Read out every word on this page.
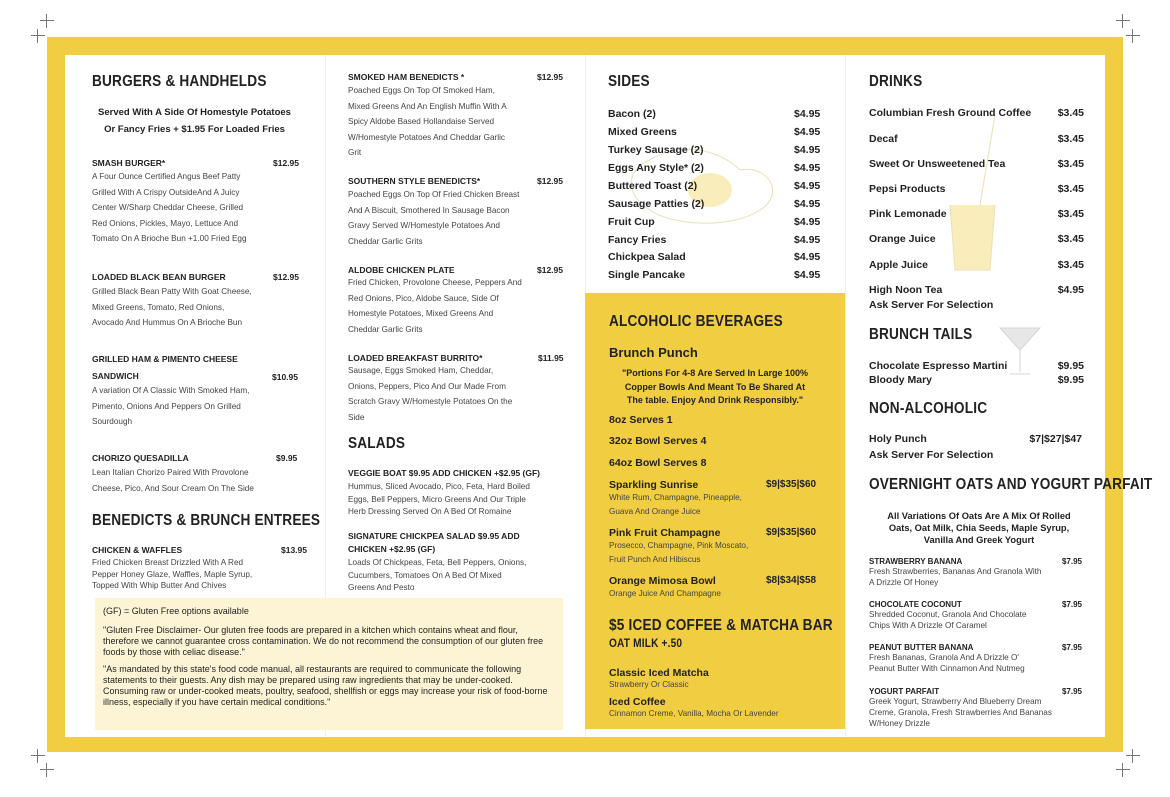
BURGERS & HANDHELDS
Served With A Side Of Homestyle Potatoes
Or Fancy Fries + $1.95 For Loaded Fries
SMASH BURGER*	$12.95
A Four Ounce Certified Angus Beef Patty
Grilled With A Crispy OutsideAnd A Juicy
Center W/Sharp Cheddar Cheese, Grilled
Red Onions, Pickles, Mayo, Lettuce And
Tomato On A Brioche Bun +1.00 Fried Egg
LOADED BLACK BEAN BURGER	$12.95
Grilled Black Bean Patty With Goat Cheese,
Mixed Greens, Tomato, Red Onions,
Avocado And Hummus On A Brioche Bun
GRILLED HAM & PIMENTO CHEESE
SANDWICH	$10.95
A variation Of A Classic With Smoked Ham,
Pimento, Onions And Peppers On Grilled
Sourdough
CHORIZO QUESADILLA	$9.95
Lean Italian Chorizo Paired With Provolone
Cheese, Pico, And Sour Cream On The Side
BENEDICTS & BRUNCH ENTREES
CHICKEN & WAFFLES	$13.95
Fried Chicken Breast Drizzled With A Red
Pepper Honey Glaze, Waffles, Maple Syrup,
Topped With Whip Butter And Chives
SMOKED HAM BENEDICTS *	$12.95
Poached Eggs On Top Of Smoked Ham,
Mixed Greens And An English Muffin With A
Spicy Aldobe Based Hollandaise Served
W/Homestyle Potatoes And Cheddar Garlic
Grit
SOUTHERN STYLE BENEDICTS*	$12.95
Poached Eggs On Top Of Fried Chicken Breast
And A Biscuit, Smothered In Sausage Bacon
Gravy Served W/Homestyle Potatoes And
Cheddar Garlic Grits
ALDOBE CHICKEN PLATE	$12.95
Fried Chicken, Provolone Cheese, Peppers And
Red Onions, Pico, Aldobe Sauce, Side Of
Homestyle Potatoes, Mixed Greens And
Cheddar Garlic Grits
LOADED BREAKFAST BURRITO*	$11.95
Sausage, Eggs Smoked Ham, Cheddar,
Onions, Peppers, Pico And Our Made From
Scratch Gravy W/Homestyle Potatoes On the
Side
SALADS
VEGGIE BOAT $9.95 ADD CHICKEN +$2.95 (GF)
Hummus, Sliced Avocado, Pico, Feta, Hard Boiled
Eggs, Bell Peppers, Micro Greens And Our Triple
Herb Dressing Served On A Bed Of Romaine
SIGNATURE CHICKPEA SALAD $9.95 ADD
CHICKEN +$2.95 (GF)
Loads Of Chickpeas, Feta, Bell Peppers, Onions,
Cucumbers, Tomatoes On A Bed Of Mixed
Greens And Pesto

(GF) = Gluten Free options available

"Gluten Free Disclaimer- Our gluten free foods are prepared in a kitchen which contains wheat and flour, therefore we cannot guarantee cross contamination. We do not recommend the consumption of our gluten free foods by those with celiac disease."

"As mandated by this state's food code manual, all restaurants are required to communicate the following statements to their guests. Any dish may be prepared using raw ingredients that may be under-cooked. Consuming raw or under-cooked meats, poultry, seafood, shellfish or eggs may increase your risk of food-borne illness, especially if you have certain medical conditions."

SIDES
Bacon (2)	$4.95
Mixed Greens	$4.95
Turkey Sausage (2)	$4.95
Eggs Any Style* (2)	$4.95
Buttered Toast (2)	$4.95
Sausage Patties (2)	$4.95
Fruit Cup	$4.95
Fancy Fries	$4.95
Chickpea Salad	$4.95
Single Pancake	$4.95
ALCOHOLIC BEVERAGES
Brunch Punch
"Portions For 4-8 Are Served In Large 100%
Copper Bowls And Meant To Be Shared At
The table. Enjoy And Drink Responsibly."
8oz Serves 1
32oz Bowl Serves 4
64oz Bowl Serves 8
Sparkling Sunrise	$9|$35|$60
White Rum, Champagne, Pineapple,
Guava And Orange Juice
Pink Fruit Champagne	$9|$35|$60
Prosecco, Champagne, Pink Moscato,
Fruit Punch And Hibiscus
Orange Mimosa Bowl	$8|$34|$58
Orange Juice And Champagne
$5 ICED COFFEE & MATCHA BAR
OAT MILK +.50
Classic Iced Matcha
Strawberry Or Classic
Iced Coffee
Cinnamon Creme, Vanilla, Mocha Or Lavender
DRINKS
Columbian Fresh Ground Coffee	$3.45
Decaf	$3.45
Sweet Or Unsweetened Tea	$3.45
Pepsi Products	$3.45
Pink Lemonade	$3.45
Orange Juice	$3.45
Apple Juice	$3.45
High Noon Tea	$4.95
Ask Server For Selection
BRUNCH TAILS
Chocolate Espresso Martini	$9.95
Bloody Mary	$9.95
NON-ALCOHOLIC
Holy Punch	$7|$27|$47
Ask Server For Selection
OVERNIGHT OATS AND YOGURT PARFAIT
All Variations Of Oats Are A Mix Of Rolled
Oats, Oat Milk, Chia Seeds, Maple Syrup,
Vanilla And Greek Yogurt
STRAWBERRY BANANA	$7.95
Fresh Strawberries, Bananas And Granola With
A Drizzle Of Honey
CHOCOLATE COCONUT	$7.95
Shredded Coconut, Granola And Chocolate
Chips With A Drizzle Of Caramel
PEANUT BUTTER BANANA	$7.95
Fresh Bananas, Granola And A Drizzle O'
Peanut Butter With Cinnamon And Nutmeg
YOGURT PARFAIT	$7.95
Greek Yogurt, Strawberry And Blueberry Dream
Creme, Granola, Fresh Strawberries And Bananas
W/Honey Drizzle
